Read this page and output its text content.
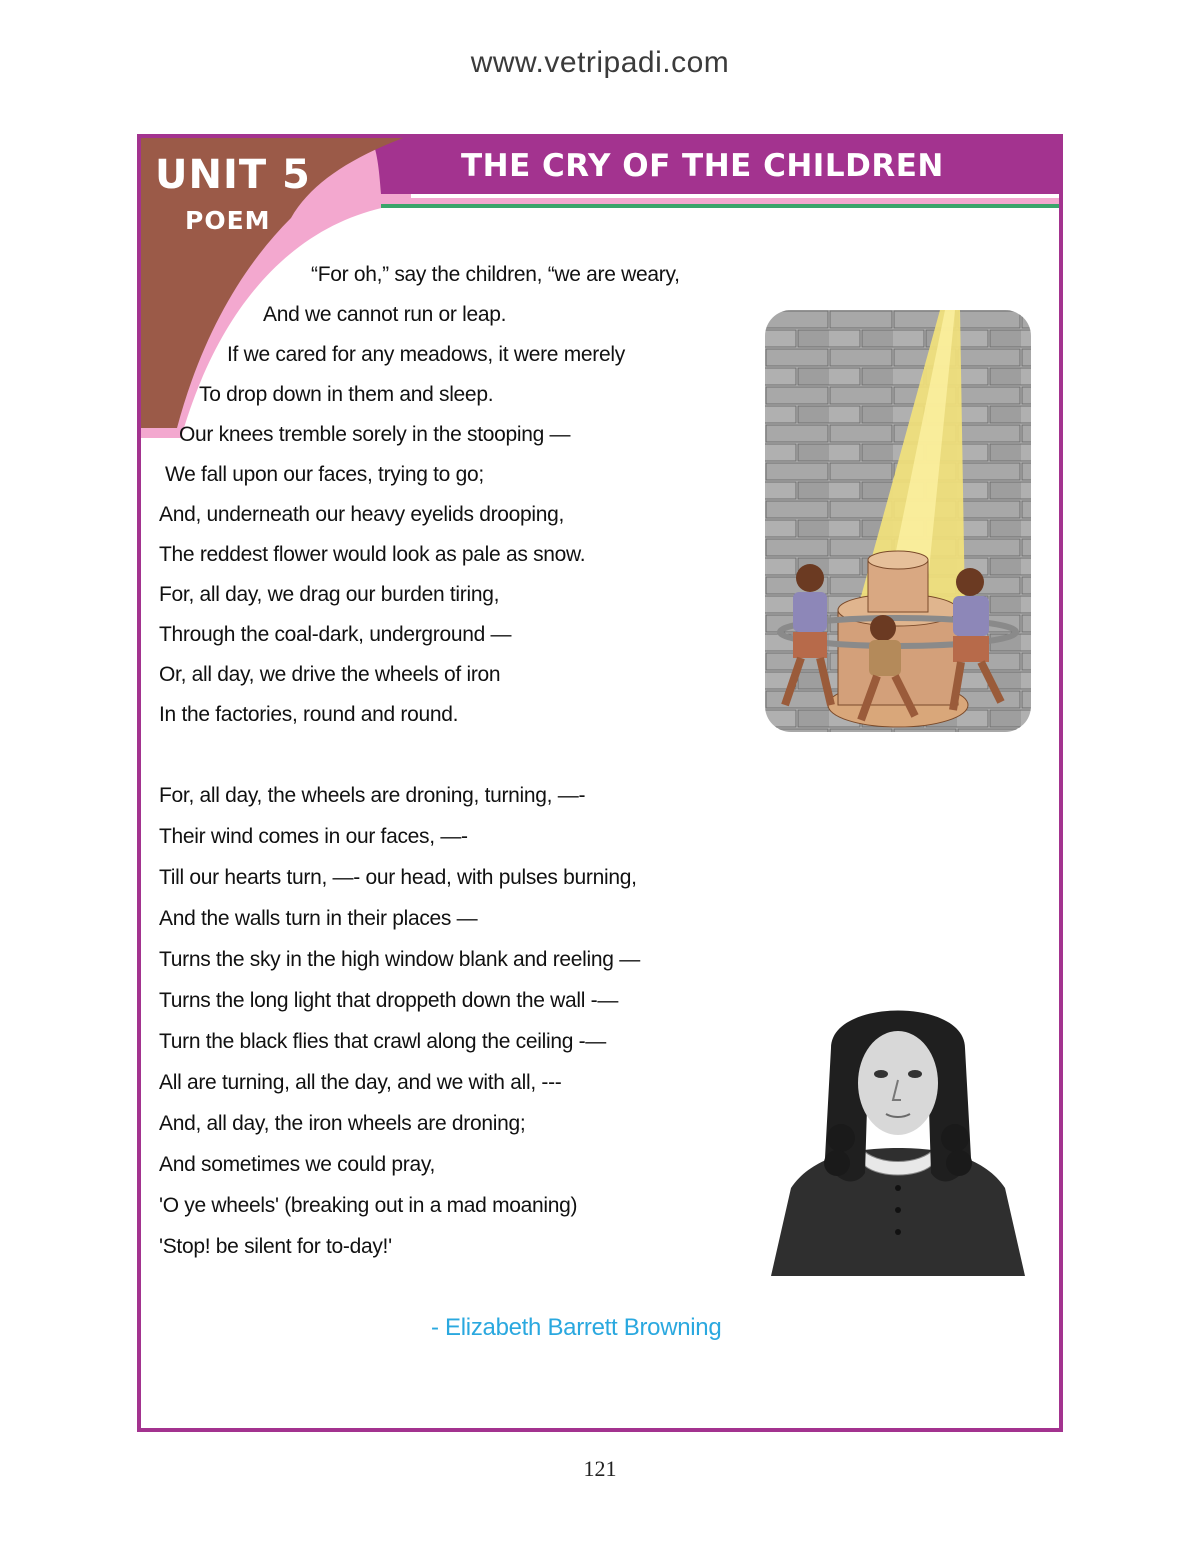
www.vetripadi.com
UNIT 5
POEM
THE CRY OF THE CHILDREN
“For oh,” say the children, “we are weary,
And we cannot run or leap.
If we cared for any meadows, it were merely
To drop down in them and sleep.
Our knees tremble sorely in the stooping —
We fall upon our faces, trying to go;
And, underneath our heavy eyelids drooping,
The reddest flower would look as pale as snow.
For, all day, we drag our burden tiring,
Through the coal-dark, underground —
Or, all day, we drive the wheels of iron
In the factories, round and round.
For, all day, the wheels are droning, turning, —-
Their wind comes in our faces, —-
Till our hearts turn, —- our head, with pulses burning,
And the walls turn in their places —
Turns the sky in the high window blank and reeling —
Turns the long light that droppeth down the wall -—
Turn the black flies that crawl along the ceiling -—
All are turning, all the day, and we with all, ---
And, all day, the iron wheels are droning;
And sometimes we could pray,
'O ye wheels' (breaking out in a mad moaning)
'Stop! be silent for to-day!'
- Elizabeth Barrett Browning
121
